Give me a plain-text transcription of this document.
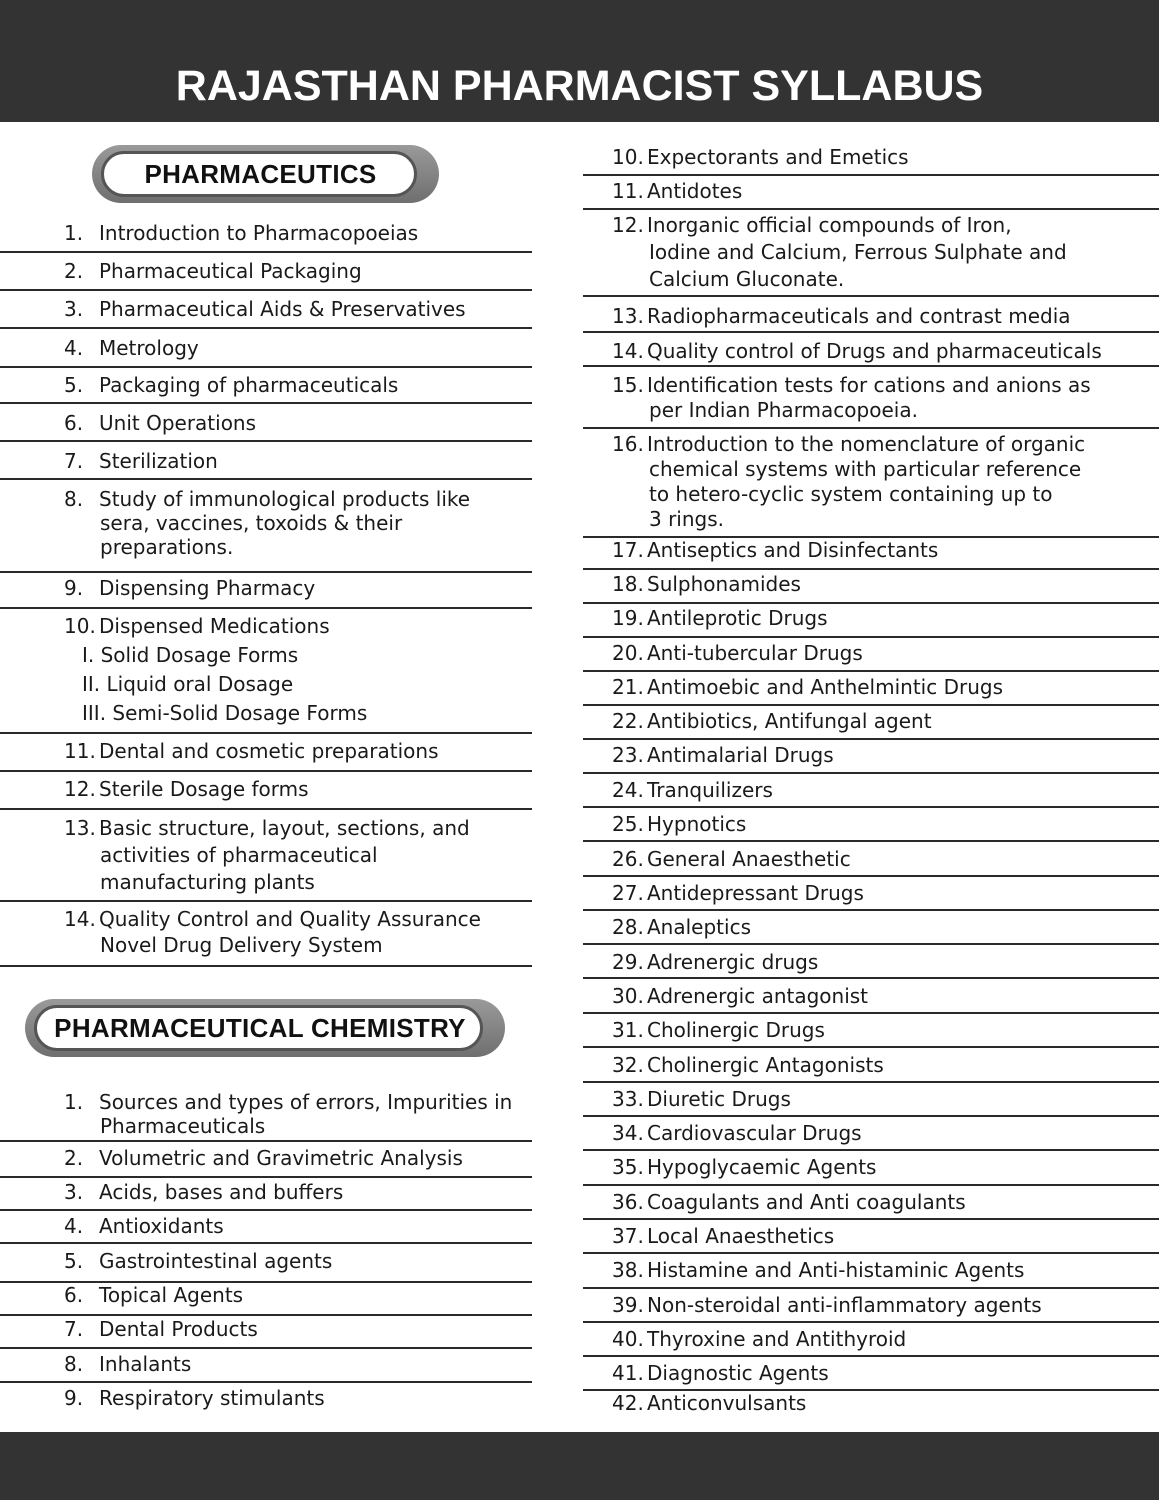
RAJASTHAN PHARMACIST SYLLABUS
PHARMACEUTICS
PHARMACEUTICAL CHEMISTRY
1. Introduction to Pharmacopoeias
2. Pharmaceutical Packaging
3. Pharmaceutical Aids & Preservatives
4. Metrology
5. Packaging of pharmaceuticals
6. Unit Operations
7. Sterilization
8. Study of immunological products like
sera, vaccines, toxoids & their
preparations.
9. Dispensing Pharmacy
10. Dispensed Medications
I. Solid Dosage Forms
II. Liquid oral Dosage
III. Semi-Solid Dosage Forms
11. Dental and cosmetic preparations
12. Sterile Dosage forms
13. Basic structure, layout, sections, and
activities of pharmaceutical
manufacturing plants
14. Quality Control and Quality Assurance
Novel Drug Delivery System
1. Sources and types of errors, Impurities in
Pharmaceuticals
2. Volumetric and Gravimetric Analysis
3. Acids, bases and buffers
4. Antioxidants
5. Gastrointestinal agents
6. Topical Agents
7. Dental Products
8. Inhalants
9. Respiratory stimulants
10. Expectorants and Emetics
11. Antidotes
12. Inorganic official compounds of Iron,
Iodine and Calcium, Ferrous Sulphate and
Calcium Gluconate.
13. Radiopharmaceuticals and contrast media
14. Quality control of Drugs and pharmaceuticals
15. Identification tests for cations and anions as
per Indian Pharmacopoeia.
16. Introduction to the nomenclature of organic
chemical systems with particular reference
to hetero-cyclic system containing up to
3 rings.
17. Antiseptics and Disinfectants
18. Sulphonamides
19. Antileprotic Drugs
20. Anti-tubercular Drugs
21. Antimoebic and Anthelmintic Drugs
22. Antibiotics, Antifungal agent
23. Antimalarial Drugs
24. Tranquilizers
25. Hypnotics
26. General Anaesthetic
27. Antidepressant Drugs
28. Analeptics
29. Adrenergic drugs
30. Adrenergic antagonist
31. Cholinergic Drugs
32. Cholinergic Antagonists
33. Diuretic Drugs
34. Cardiovascular Drugs
35. Hypoglycaemic Agents
36. Coagulants and Anti coagulants
37. Local Anaesthetics
38. Histamine and Anti-histaminic Agents
39. Non-steroidal anti-inflammatory agents
40. Thyroxine and Antithyroid
41. Diagnostic Agents
42. Anticonvulsants
